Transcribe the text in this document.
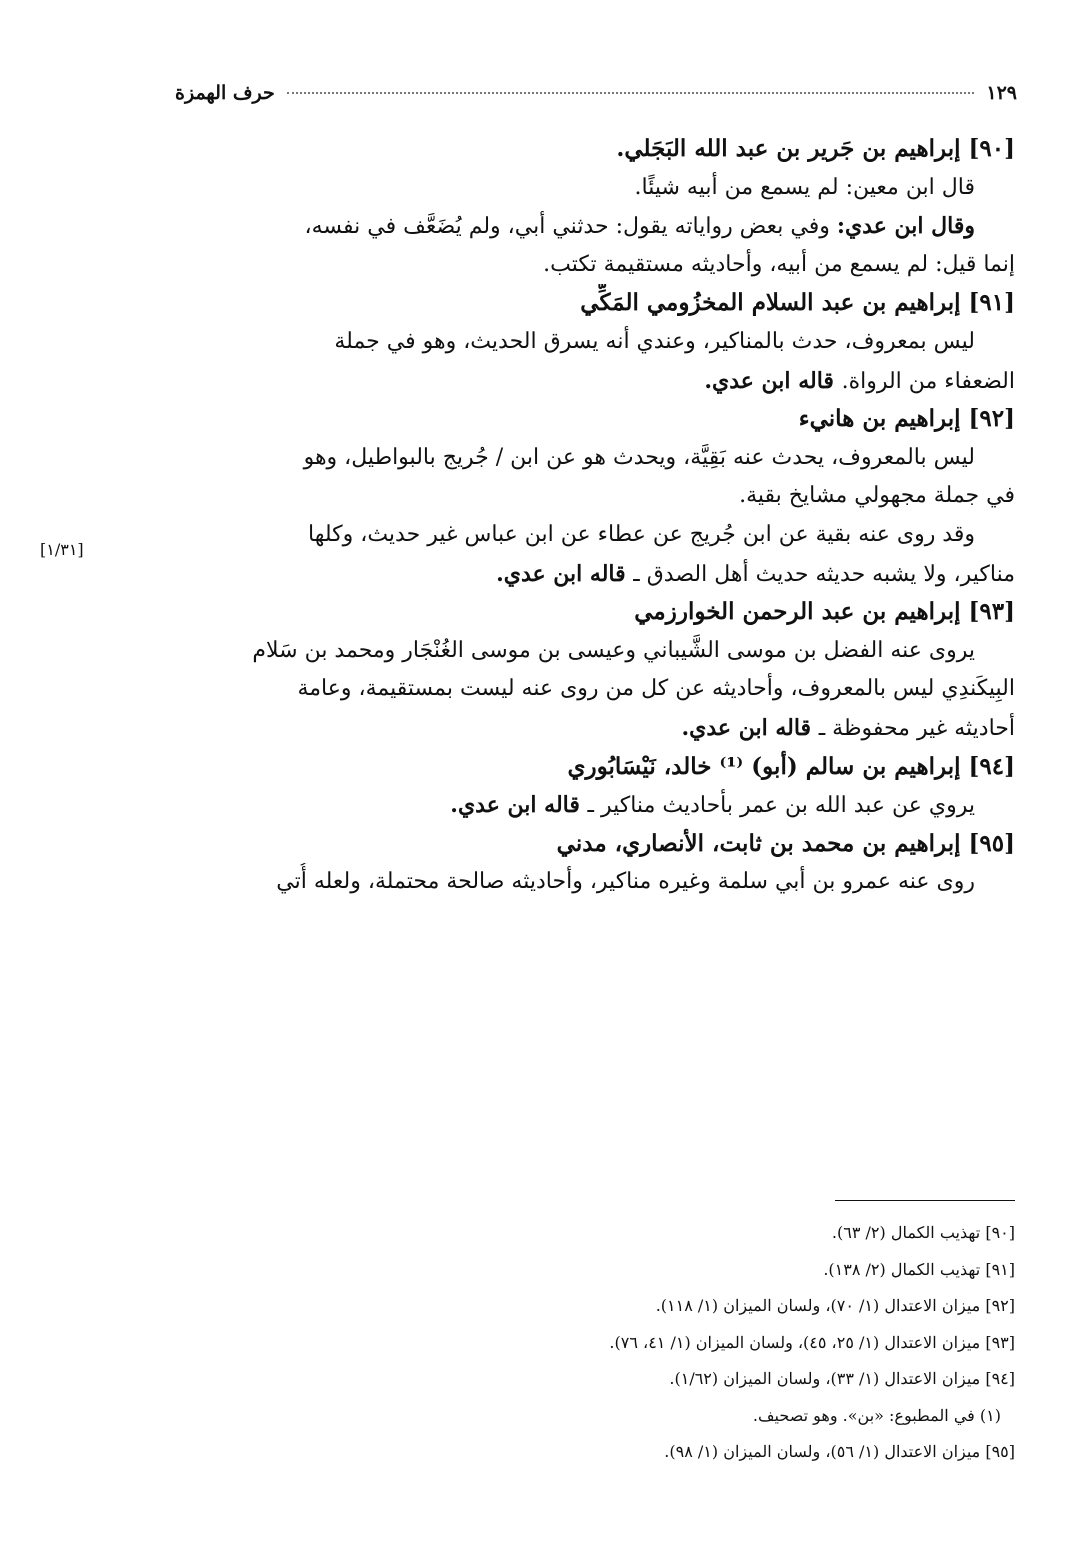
حرف الهمزة	١٢٩
[٩٠] إبراهيم بن جَرير بن عبد الله البَجَلي.
قال ابن معين: لم يسمع من أبيه شيئًا.
وقال ابن عدي: وفي بعض رواياته يقول: حدثني أبي، ولم يُضَعَّف في نفسه،
إنما قيل: لم يسمع من أبيه، وأحاديثه مستقيمة تكتب.
[٩١] إبراهيم بن عبد السلام المخزُومي المَكِّي
ليس بمعروف، حدث بالمناكير، وعندي أنه يسرق الحديث، وهو في جملة
الضعفاء من الرواة. قاله ابن عدي.
[٩٢] إبراهيم بن هانيء
ليس بالمعروف، يحدث عنه بَقِيَّة، ويحدث هو عن ابن / جُريج بالبواطيل، وهو
في جملة مجهولي مشايخ بقية.
وقد روى عنه بقية عن ابن جُريج عن عطاء عن ابن عباس غير حديث، وكلها
مناكير، ولا يشبه حديثه حديث أهل الصدق ـ قاله ابن عدي.
[٩٣] إبراهيم بن عبد الرحمن الخوارزمي
يروى عنه الفضل بن موسى الشَّيباني وعيسى بن موسى الغُنْجَار ومحمد بن سَلام
البِيكَندِي ليس بالمعروف، وأحاديثه عن كل من روى عنه ليست بمستقيمة، وعامة
أحاديثه غير محفوظة ـ قاله ابن عدي.
[٩٤] إبراهيم بن سالم (أبو) ⁽¹⁾ خالد، نَيْسَابُوري
يروي عن عبد الله بن عمر بأحاديث مناكير ـ قاله ابن عدي.
[٩٥] إبراهيم بن محمد بن ثابت، الأنصاري، مدني
روى عنه عمرو بن أبي سلمة وغيره مناكير، وأحاديثه صالحة محتملة، ولعله أُتي
[١/٣١]
[٩٠] تهذيب الكمال (٢/ ٦٣).
[٩١] تهذيب الكمال (٢/ ١٣٨).
[٩٢] ميزان الاعتدال (١/ ٧٠)، ولسان الميزان (١/ ١١٨).
[٩٣] ميزان الاعتدال (١/ ٢٥، ٤٥)، ولسان الميزان (١/ ٤١، ٧٦).
[٩٤] ميزان الاعتدال (١/ ٣٣)، ولسان الميزان (١/٦٢).
(١) في المطبوع: «بن». وهو تصحيف.
[٩٥] ميزان الاعتدال (١/ ٥٦)، ولسان الميزان (١/ ٩٨).
